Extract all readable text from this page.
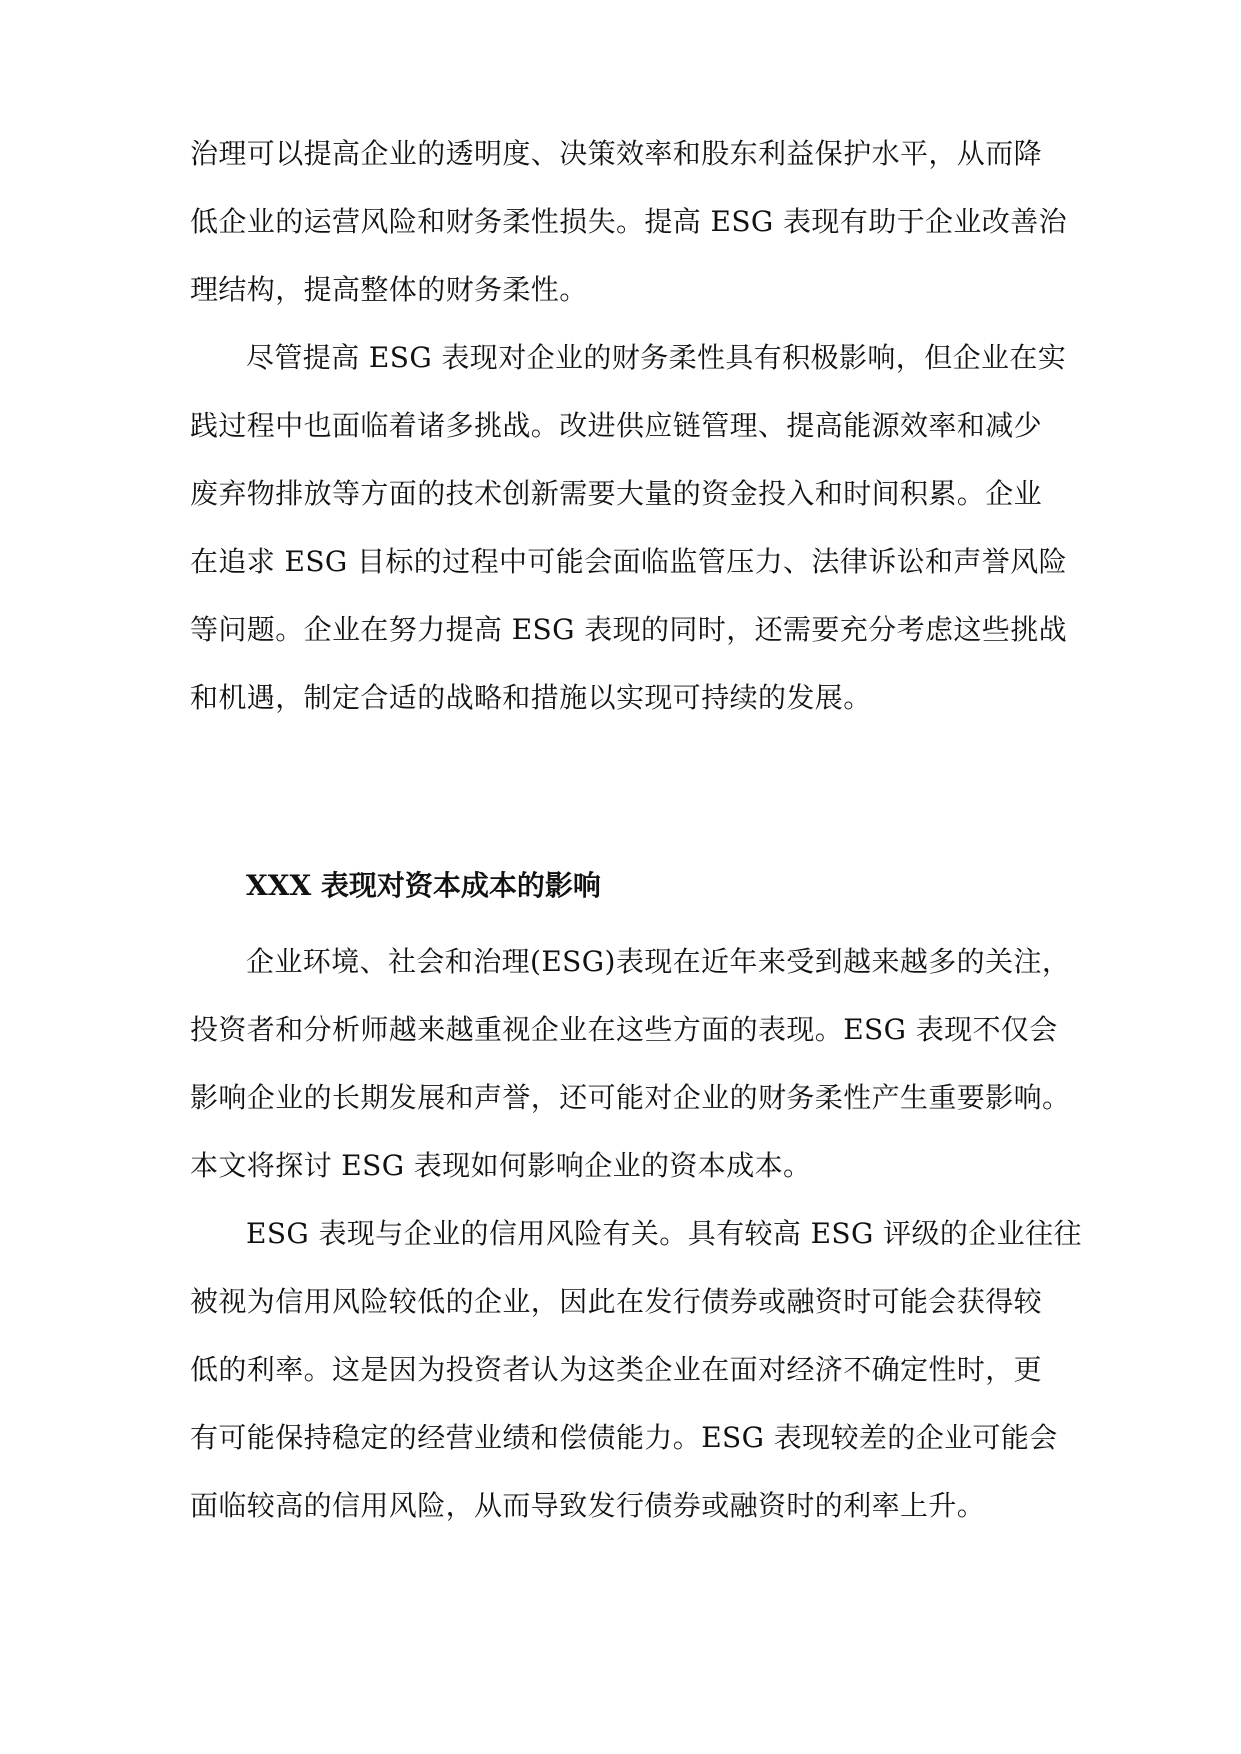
治理可以提高企业的透明度、决策效率和股东利益保护水平，从而降
低企业的运营风险和财务柔性损失。提高 ESG 表现有助于企业改善治
理结构，提高整体的财务柔性。
尽管提高 ESG 表现对企业的财务柔性具有积极影响，但企业在实
践过程中也面临着诸多挑战。改进供应链管理、提高能源效率和减少
废弃物排放等方面的技术创新需要大量的资金投入和时间积累。企业
在追求 ESG 目标的过程中可能会面临监管压力、法律诉讼和声誉风险
等问题。企业在努力提高 ESG 表现的同时，还需要充分考虑这些挑战
和机遇，制定合适的战略和措施以实现可持续的发展。
XXX 表现对资本成本的影响
企业环境、社会和治理(ESG)表现在近年来受到越来越多的关注，
投资者和分析师越来越重视企业在这些方面的表现。ESG 表现不仅会
影响企业的长期发展和声誉，还可能对企业的财务柔性产生重要影响。
本文将探讨 ESG 表现如何影响企业的资本成本。
ESG 表现与企业的信用风险有关。具有较高 ESG 评级的企业往往
被视为信用风险较低的企业，因此在发行债券或融资时可能会获得较
低的利率。这是因为投资者认为这类企业在面对经济不确定性时，更
有可能保持稳定的经营业绩和偿债能力。ESG 表现较差的企业可能会
面临较高的信用风险，从而导致发行债券或融资时的利率上升。
